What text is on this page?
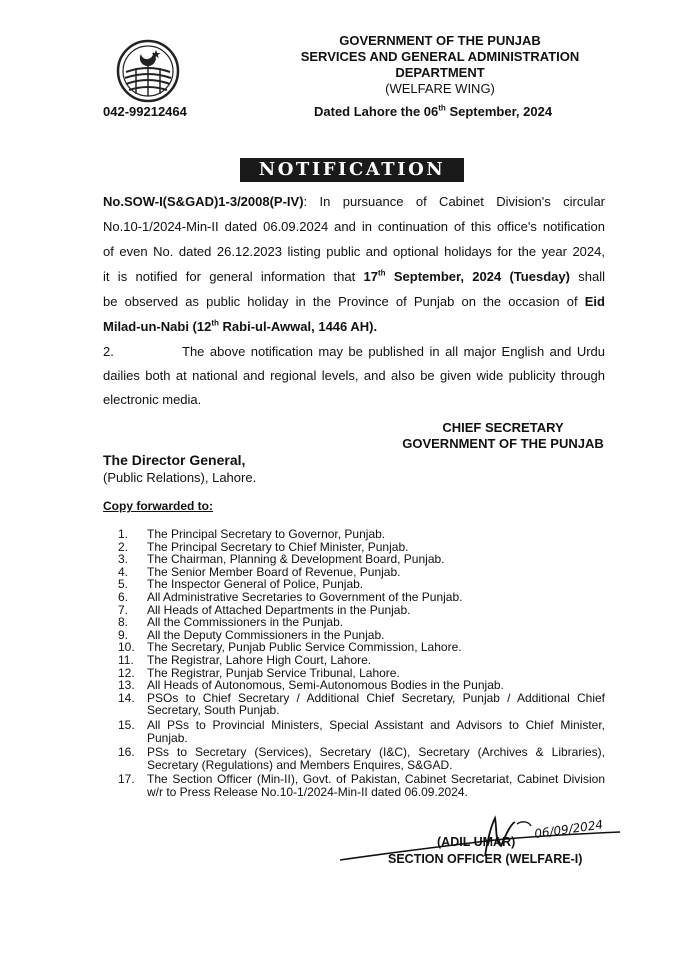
GOVERNMENT OF THE PUNJAB
SERVICES AND GENERAL ADMINISTRATION
DEPARTMENT
(WELFARE WING)
042-99212464	Dated Lahore the 06th September, 2024
NOTIFICATION
No.SOW-I(S&GAD)1-3/2008(P-IV): In pursuance of Cabinet Division's circular
No.10-1/2024-Min-II dated 06.09.2024 and in continuation of this office's notification
of even No. dated 26.12.2023 listing public and optional holidays for the year 2024,
it is notified for general information that 17th September, 2024 (Tuesday) shall
be observed as public holiday in the Province of Punjab on the occasion of Eid
Milad-un-Nabi (12th Rabi-ul-Awwal, 1446 AH).
2.	The above notification may be published in all major English and Urdu
dailies both at national and regional levels, and also be given wide publicity through
electronic media.
CHIEF SECRETARY
GOVERNMENT OF THE PUNJAB
The Director General,
(Public Relations), Lahore.
Copy forwarded to:
1.	The Principal Secretary to Governor, Punjab.
2.	The Principal Secretary to Chief Minister, Punjab.
3.	The Chairman, Planning & Development Board, Punjab.
4.	The Senior Member Board of Revenue, Punjab.
5.	The Inspector General of Police, Punjab.
6.	All Administrative Secretaries to Government of the Punjab.
7.	All Heads of Attached Departments in the Punjab.
8.	All the Commissioners in the Punjab.
9.	All the Deputy Commissioners in the Punjab.
10. The Secretary, Punjab Public Service Commission, Lahore.
11.	The Registrar, Lahore High Court, Lahore.
12. The Registrar, Punjab Service Tribunal, Lahore.
13. All Heads of Autonomous, Semi-Autonomous Bodies in the Punjab.
14. PSOs to Chief Secretary / Additional Chief Secretary, Punjab / Additional Chief
Secretary, South Punjab.
15. All PSs to Provincial Ministers, Special Assistant and Advisors to Chief Minister,
Punjab.
16. PSs to Secretary (Services), Secretary (I&C), Secretary (Archives & Libraries),
Secretary (Regulations) and Members Enquires, S&GAD.
17. The Section Officer (Min-II), Govt. of Pakistan, Cabinet Secretariat, Cabinet Division
w/r to Press Release No.10-1/2024-Min-II dated 06.09.2024.
06/09/2024
(ADIL UMAR)
SECTION OFFICER (WELFARE-I)
